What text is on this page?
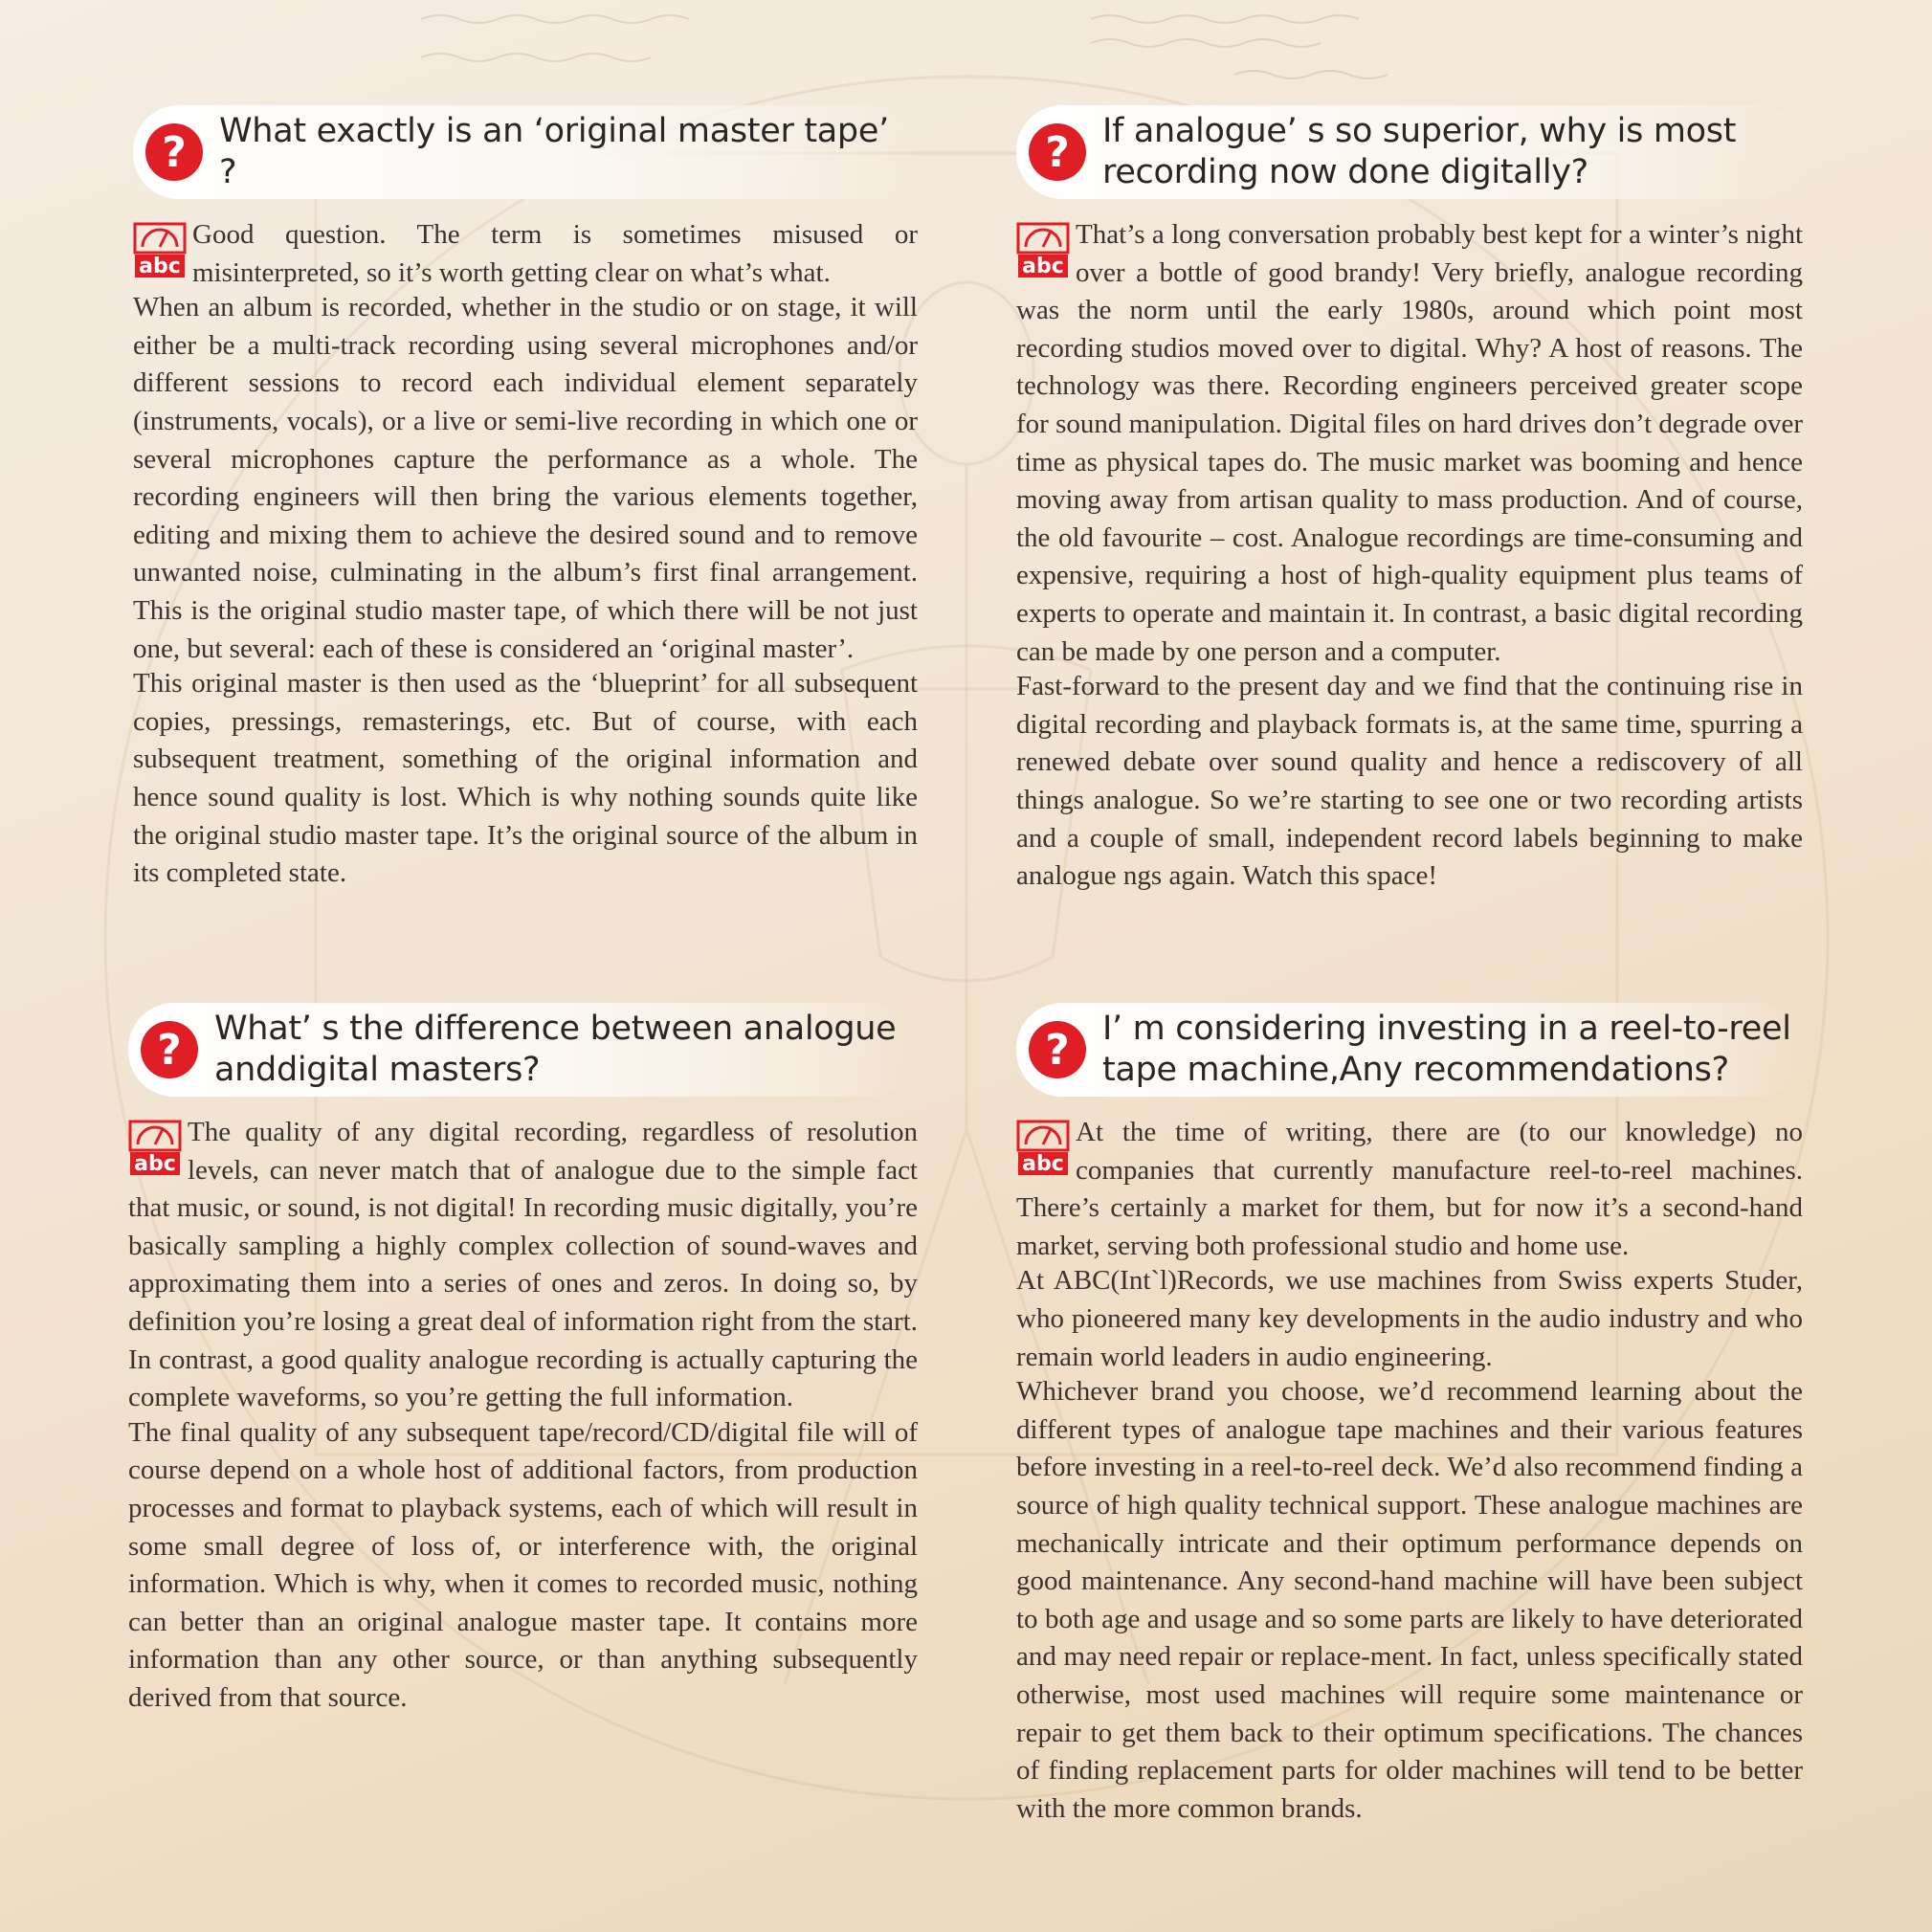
? What exactly is an ‘original master tape’ ?
abc

Good question. The term is sometimes misused or misinterpreted, so it’s worth getting clear on what’s what.

When an album is recorded, whether in the studio or on stage, it will either be a multi-track recording using several microphones and/or different sessions to record each individual element separately (instruments, vocals), or a live or semi-live recording in which one or several microphones capture the performance as a whole. The recording engineers will then bring the various elements together, editing and mixing them to achieve the desired sound and to remove unwanted noise, culminating in the album’s first final arrangement. This is the original studio master tape, of which there will be not just one, but several: each of these is considered an ‘original master’.

This original master is then used as the ‘blueprint’ for all subsequent copies, pressings, remasterings, etc. But of course, with each subsequent treatment, something of the original information and hence sound quality is lost. Which is why nothing sounds quite like the original studio master tape. It’s the original source of the album in its completed state.

? If analogue’ s so superior, why is most recording now done digitally?
abc

That’s a long conversation probably best kept for a winter’s night over a bottle of good brandy! Very briefly, analogue recording was the norm until the early 1980s, around which point most recording studios moved over to digital. Why? A host of reasons. The technology was there. Recording engineers perceived greater scope for sound manipulation. Digital files on hard drives don’t degrade over time as physical tapes do. The music market was booming and hence moving away from artisan quality to mass production. And of course, the old favourite – cost. Analogue recordings are time-consuming and expensive, requiring a host of high-quality equipment plus teams of experts to operate and maintain it. In contrast, a basic digital recording can be made by one person and a computer.

Fast-forward to the present day and we find that the continuing rise in digital recording and playback formats is, at the same time, spurring a renewed debate over sound quality and hence a rediscovery of all things analogue. So we’re starting to see one or two recording artists and a couple of small, independent record labels beginning to make analogue ngs again. Watch this space!

? What’ s the difference between analogue anddigital masters?
abc

The quality of any digital recording, regardless of resolution levels, can never match that of analogue due to the simple fact that music, or sound, is not digital! In recording music digitally, you’re basically sampling a highly complex collection of sound-waves and approximating them into a series of ones and zeros. In doing so, by definition you’re losing a great deal of information right from the start. In contrast, a good quality analogue recording is actually capturing the complete waveforms, so you’re getting the full information.

The final quality of any subsequent tape/record/CD/digital file will of course depend on a whole host of additional factors, from production processes and format to playback systems, each of which will result in some small degree of loss of, or interference with, the original information. Which is why, when it comes to recorded music, nothing can better than an original analogue master tape. It contains more information than any other source, or than anything subsequently derived from that source.

? I’ m considering investing in a reel-to-reel tape machine,Any recommendations?
abc

At the time of writing, there are (to our knowledge) no companies that currently manufacture reel-to-reel machines. There’s certainly a market for them, but for now it’s a second-hand market, serving both professional studio and home use.

At ABC(Int`l)Records, we use machines from Swiss experts Studer, who pioneered many key developments in the audio industry and who remain world leaders in audio engineering.

Whichever brand you choose, we’d recommend learning about the different types of analogue tape machines and their various features before investing in a reel-to-reel deck. We’d also recommend finding a source of high quality technical support. These analogue machines are mechanically intricate and their optimum performance depends on good maintenance. Any second-hand machine will have been subject to both age and usage and so some parts are likely to have deteriorated and may need repair or replace-ment. In fact, unless specifically stated otherwise, most used machines will require some maintenance or repair to get them back to their optimum specifications. The chances of finding replacement parts for older machines will tend to be better with the more common brands.
